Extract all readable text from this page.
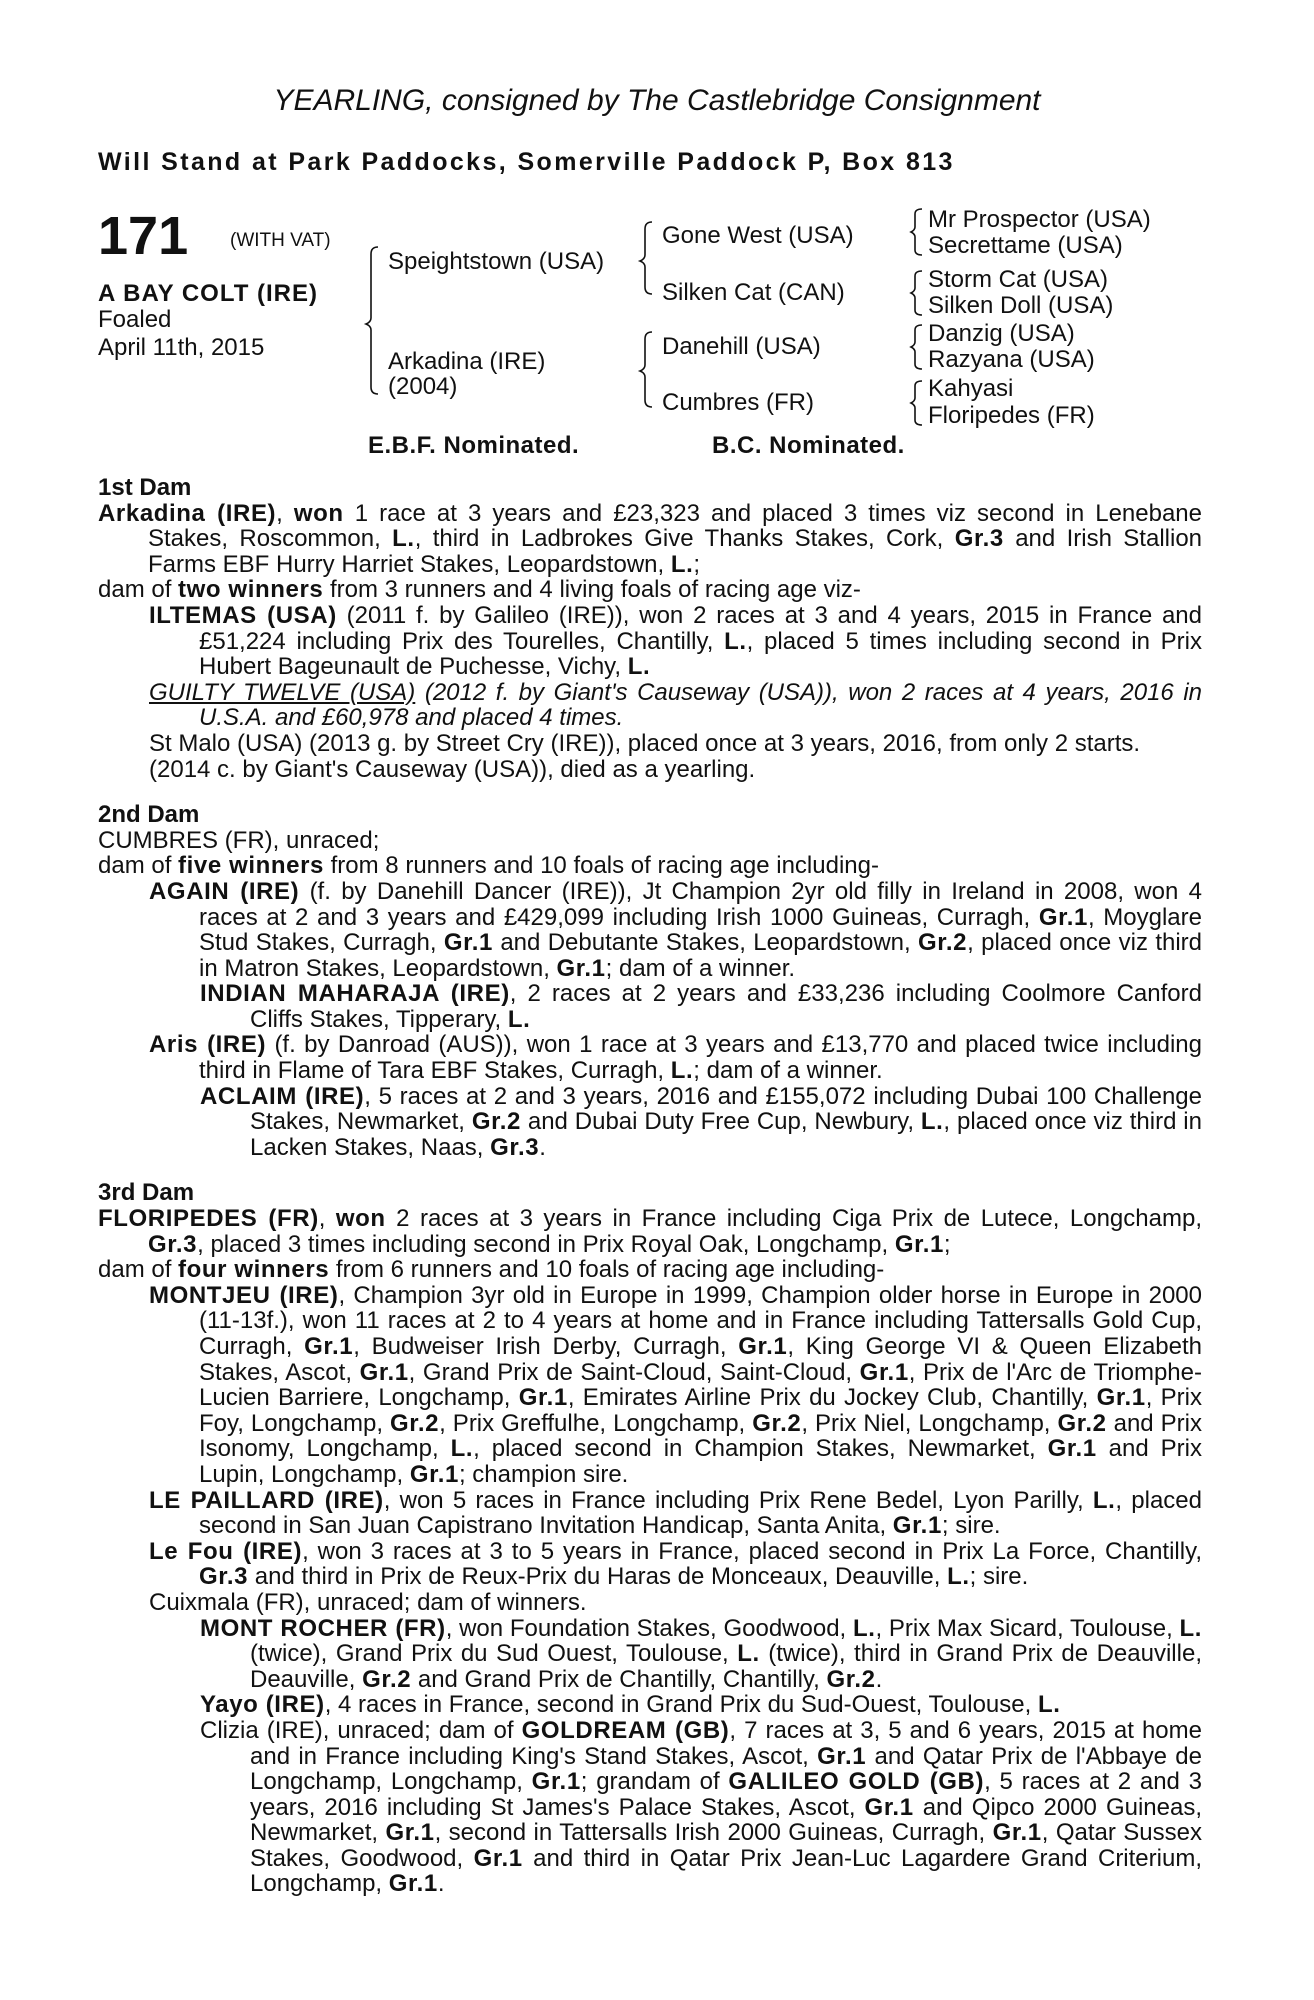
YEARLING, consigned by The Castlebridge Consignment
Will Stand at Park Paddocks, Somerville Paddock P, Box 813
171 (WITH VAT)
A BAY COLT (IRE)
Foaled
April 11th, 2015
Speightstown (USA)
Arkadina (IRE)
(2004)
Gone West (USA)
Silken Cat (CAN)
Danehill (USA)
Cumbres (FR)
Mr Prospector (USA)
Secrettame (USA)
Storm Cat (USA)
Silken Doll (USA)
Danzig (USA)
Razyana (USA)
Kahyasi
Floripedes (FR)
E.B.F. Nominated.	B.C. Nominated.
1st Dam
Arkadina (IRE), won 1 race at 3 years and £23,323 and placed 3 times viz second in Lenebane Stakes, Roscommon, L., third in Ladbrokes Give Thanks Stakes, Cork, Gr.3 and Irish Stallion Farms EBF Hurry Harriet Stakes, Leopardstown, L.;
dam of two winners from 3 runners and 4 living foals of racing age viz-
ILTEMAS (USA) (2011 f. by Galileo (IRE)), won 2 races at 3 and 4 years, 2015 in France and £51,224 including Prix des Tourelles, Chantilly, L., placed 5 times including second in Prix Hubert Bageunault de Puchesse, Vichy, L.
GUILTY TWELVE (USA) (2012 f. by Giant's Causeway (USA)), won 2 races at 4 years, 2016 in U.S.A. and £60,978 and placed 4 times.
St Malo (USA) (2013 g. by Street Cry (IRE)), placed once at 3 years, 2016, from only 2 starts.
(2014 c. by Giant's Causeway (USA)), died as a yearling.
2nd Dam
CUMBRES (FR), unraced;
dam of five winners from 8 runners and 10 foals of racing age including-
AGAIN (IRE) (f. by Danehill Dancer (IRE)), Jt Champion 2yr old filly in Ireland in 2008, won 4 races at 2 and 3 years and £429,099 including Irish 1000 Guineas, Curragh, Gr.1, Moyglare Stud Stakes, Curragh, Gr.1 and Debutante Stakes, Leopardstown, Gr.2, placed once viz third in Matron Stakes, Leopardstown, Gr.1; dam of a winner.
INDIAN MAHARAJA (IRE), 2 races at 2 years and £33,236 including Coolmore Canford Cliffs Stakes, Tipperary, L.
Aris (IRE) (f. by Danroad (AUS)), won 1 race at 3 years and £13,770 and placed twice including third in Flame of Tara EBF Stakes, Curragh, L.; dam of a winner.
ACLAIM (IRE), 5 races at 2 and 3 years, 2016 and £155,072 including Dubai 100 Challenge Stakes, Newmarket, Gr.2 and Dubai Duty Free Cup, Newbury, L., placed once viz third in Lacken Stakes, Naas, Gr.3.
3rd Dam
FLORIPEDES (FR), won 2 races at 3 years in France including Ciga Prix de Lutece, Longchamp, Gr.3, placed 3 times including second in Prix Royal Oak, Longchamp, Gr.1;
dam of four winners from 6 runners and 10 foals of racing age including-
MONTJEU (IRE), Champion 3yr old in Europe in 1999, Champion older horse in Europe in 2000 (11-13f.), won 11 races at 2 to 4 years at home and in France including Tattersalls Gold Cup, Curragh, Gr.1, Budweiser Irish Derby, Curragh, Gr.1, King George VI & Queen Elizabeth Stakes, Ascot, Gr.1, Grand Prix de Saint-Cloud, Saint-Cloud, Gr.1, Prix de l'Arc de Triomphe-Lucien Barriere, Longchamp, Gr.1, Emirates Airline Prix du Jockey Club, Chantilly, Gr.1, Prix Foy, Longchamp, Gr.2, Prix Greffulhe, Longchamp, Gr.2, Prix Niel, Longchamp, Gr.2 and Prix Isonomy, Longchamp, L., placed second in Champion Stakes, Newmarket, Gr.1 and Prix Lupin, Longchamp, Gr.1; champion sire.
LE PAILLARD (IRE), won 5 races in France including Prix Rene Bedel, Lyon Parilly, L., placed second in San Juan Capistrano Invitation Handicap, Santa Anita, Gr.1; sire.
Le Fou (IRE), won 3 races at 3 to 5 years in France, placed second in Prix La Force, Chantilly, Gr.3 and third in Prix de Reux-Prix du Haras de Monceaux, Deauville, L.; sire.
Cuixmala (FR), unraced; dam of winners.
MONT ROCHER (FR), won Foundation Stakes, Goodwood, L., Prix Max Sicard, Toulouse, L. (twice), Grand Prix du Sud Ouest, Toulouse, L. (twice), third in Grand Prix de Deauville, Deauville, Gr.2 and Grand Prix de Chantilly, Chantilly, Gr.2.
Yayo (IRE), 4 races in France, second in Grand Prix du Sud-Ouest, Toulouse, L.
Clizia (IRE), unraced; dam of GOLDREAM (GB), 7 races at 3, 5 and 6 years, 2015 at home and in France including King's Stand Stakes, Ascot, Gr.1 and Qatar Prix de l'Abbaye de Longchamp, Longchamp, Gr.1; grandam of GALILEO GOLD (GB), 5 races at 2 and 3 years, 2016 including St James's Palace Stakes, Ascot, Gr.1 and Qipco 2000 Guineas, Newmarket, Gr.1, second in Tattersalls Irish 2000 Guineas, Curragh, Gr.1, Qatar Sussex Stakes, Goodwood, Gr.1 and third in Qatar Prix Jean-Luc Lagardere Grand Criterium, Longchamp, Gr.1.
